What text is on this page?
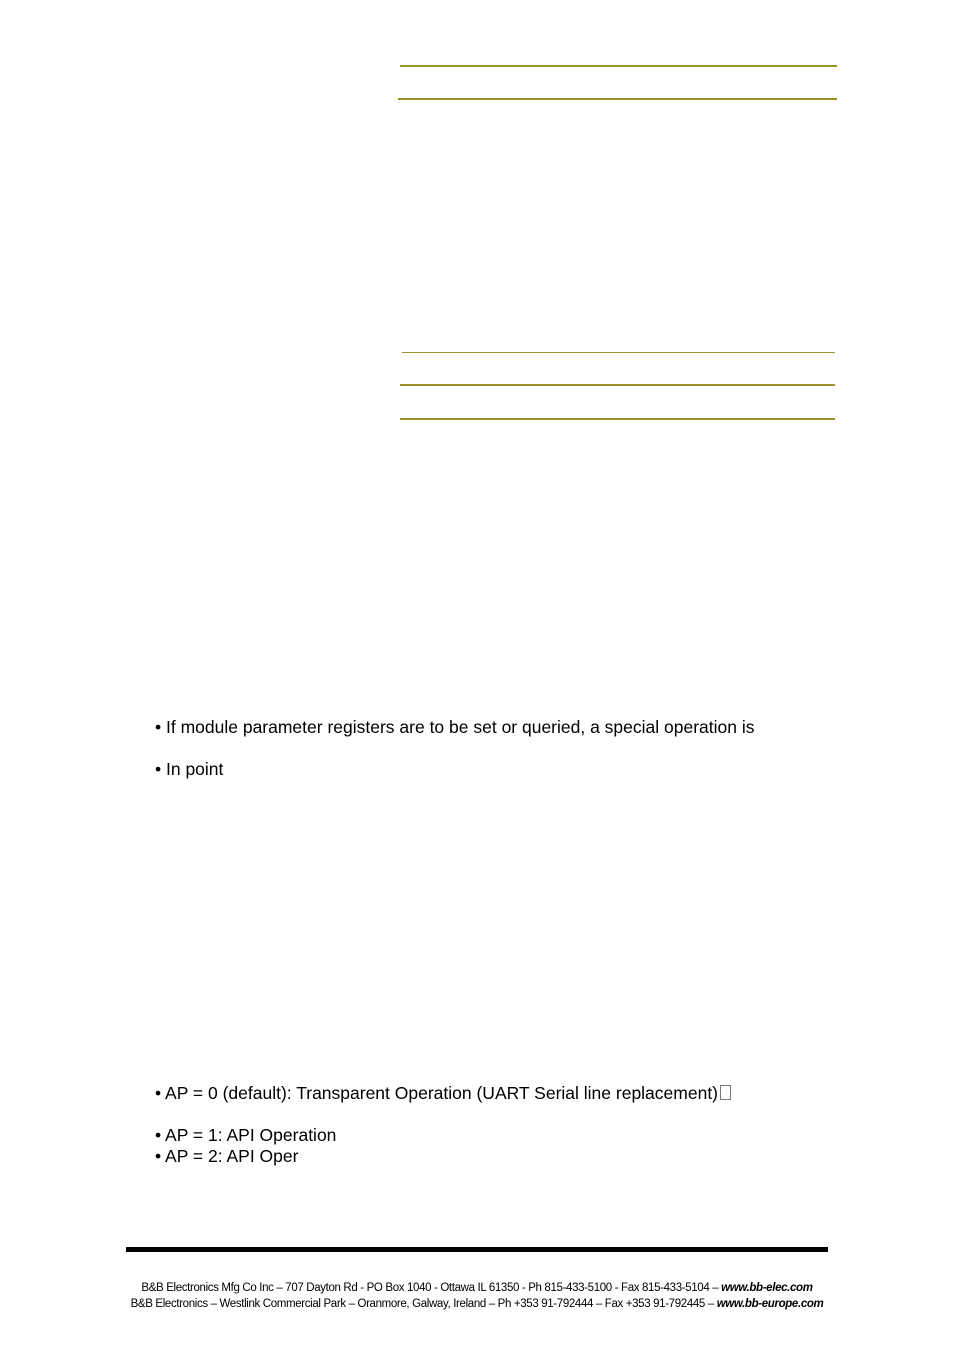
• If module parameter registers are to be set or queried, a special operation is
• In point
• AP = 0 (default): Transparent Operation (UART Serial line replacement)
• AP = 1: API Operation
• AP = 2: API Oper
B&B Electronics Mfg Co Inc – 707 Dayton Rd - PO Box 1040 - Ottawa IL 61350 - Ph 815-433-5100 - Fax 815-433-5104 – www.bb-elec.com
B&B Electronics – Westlink Commercial Park – Oranmore, Galway, Ireland – Ph +353 91-792444 – Fax +353 91-792445 – www.bb-europe.com
